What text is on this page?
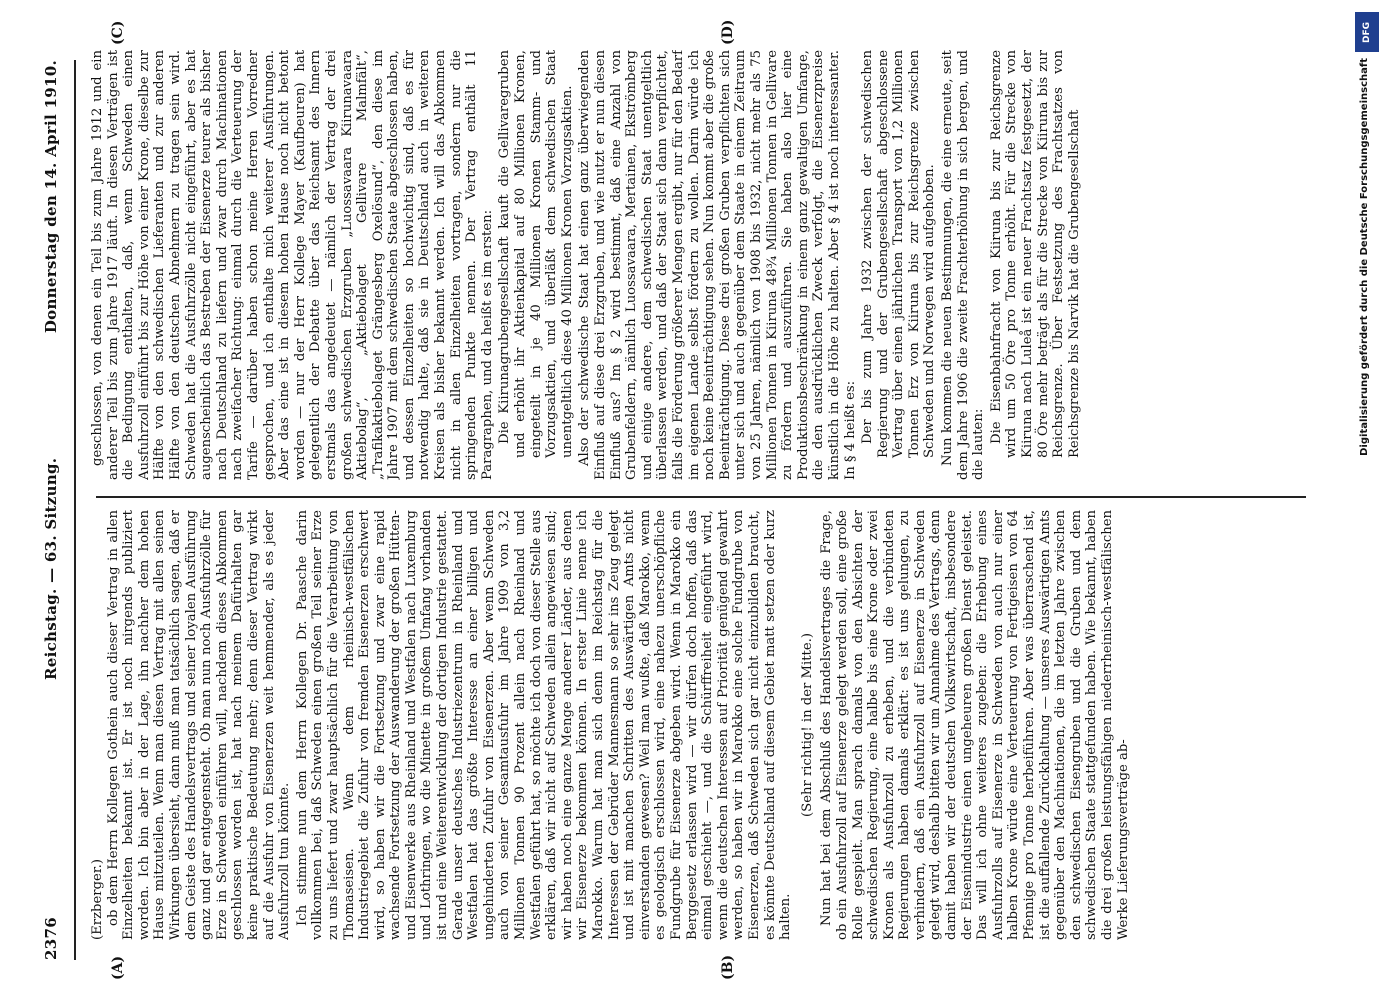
2376
Reichstag. — 63. Sitzung.
Donnerstag den 14. April 1910.
(A)	(B)
(C)	(D)
(Erzberger.) ob dem Herrn Kollegen Gothein auch dieser Vertrag in allen Einzelheiten bekannt ist. Er ist noch nirgends publiziert worden. Ich bin aber in der Lage, ihn nachher dem hohen Hause mitzuteilen. Wenn man diesen Vertrag mit allen seinen Wirkungen übersieht, dann muß man tatsächlich sagen, daß er dem Geiste des Handelsvertrags und seiner loyalen Ausführung ganz und gar entgegensteht. Ob man nun noch Ausfuhrzölle für Erze in Schweden einführen will, nachdem dieses Abkommen geschlossen worden ist, hat nach meinem Dafürhalten gar keine praktische Bedeutung mehr; denn dieser Vertrag wirkt auf die Ausfuhr von Eisenerzen weit hemmender, als es jeder Ausfuhrzoll tun könnte. Ich stimme nun dem Herrn Kollegen Dr. Paasche darin vollkommen bei, daß Schweden einen großen Teil seiner Erze zu uns liefert und zwar hauptsächlich für die Verarbeitung von Thomaseisen. Wenn dem rheinisch-westfälischen Industriegebiet die Zufuhr von fremden Eisenerzen erschwert wird, so haben wir die Fortsetzung und zwar eine rapid wachsende Fortsetzung der Auswanderung der großen Hütten- und Eisenwerke aus Rheinland und Westfalen nach Luxemburg und Lothringen, wo die Minette in großem Umfang vorhanden ist und eine Weiterentwicklung der dortigen Industrie gestattet. Gerade unser deutsches Industriezentrum in Rheinland und Westfalen hat das größte Interesse an einer billigen und ungehinderten Zufuhr von Eisenerzen. Aber wenn Schweden auch von seiner Gesamtausfuhr im Jahre 1909 von 3,2 Millionen Tonnen 90 Prozent allein nach Rheinland und Westfalen geführt hat, so möchte ich doch von dieser Stelle aus erklären, daß wir nicht auf Schweden allein angewiesen sind; wir haben noch eine ganze Menge anderer Länder, aus denen wir Eisenerze bekommen können. In erster Linie nenne ich Marokko. Warum hat man sich denn im Reichstag für die Interessen der Gebrüder Mannesmann so sehr ins Zeug gelegt und ist mit manchen Schritten des Auswärtigen Amts nicht einverstanden gewesen? Weil man wußte, daß Marokko, wenn es geologisch erschlossen wird, eine nahezu unerschöpfliche Fundgrube für Eisenerze abgeben wird. Wenn in Marokko ein Berggesetz erlassen wird — wir dürfen doch hoffen, daß das einmal geschieht —, und die Schürffreiheit eingeführt wird, wenn die deutschen Interessen auf Priorität genügend gewahrt werden, so haben wir in Marokko eine solche Fundgrube von Eisenerzen, daß Schweden sich gar nicht einzubilden braucht, es könnte Deutschland auf diesem Gebiet matt setzen oder kurz halten.

(Sehr richtig! in der Mitte.) Nun hat bei dem Abschluß des Handelsvertrages die Frage, ob ein Ausfuhrzoll auf Eisenerze gelegt werden soll, eine große Rolle gespielt. Man sprach damals von den Absichten der schwedischen Regierung, eine halbe bis eine Krone oder zwei Kronen als Ausfuhrzoll zu erheben, und die verbündeten Regierungen haben damals erklärt: es ist uns gelungen, zu verhindern, daß ein Ausfuhrzoll auf Eisenerze in Schweden gelegt wird, deshalb bitten wir um Annahme des Vertrags, denn damit haben wir der deutschen Volkswirtschaft, insbesondere der Eisenindustrie einen ungeheuren großen Dienst geleistet. Das will ich ohne weiteres zugeben: die Erhebung eines Ausfuhrzolls auf Eisenerze in Schweden von auch nur einer halben Krone würde eine Verteuerung von Fertigeisen von 64 Pfennige pro Tonne herbeiführen. Aber was überraschend ist, ist die auffallende Zurückhaltung — unseres Auswärtigen Amts gegenüber den Machinationen, die im letzten Jahre zwischen den schwedischen Eisengruben und die Gruben und dem schwedischen Staate stattgefunden haben. Wie bekannt, haben die drei großen leistungsfähigen niederrheinisch-westfälischen Werke Lieferungsverträge ab-

geschlossen, von denen ein Teil bis zum Jahre 1912 und ein anderer Teil bis zum Jahre 1917 läuft. In diesen Verträgen ist die Bedingung enthalten, daß, wenn Schweden einen Ausfuhrzoll einführt bis zur Höhe von einer Krone, dieselbe zur Hälfte von den schwedischen Lieferanten und zur anderen Hälfte von den deutschen Abnehmern zu tragen sein wird. Schweden hat die Ausfuhrzölle nicht eingeführt, aber es hat augenscheinlich das Bestreben der Eisenerze teurer als bisher nach Deutschland zu liefern und zwar durch Machinationen nach zweifacher Richtung: einmal durch die Verteuerung der Tarife — darüber haben schon meine Herren Vorredner gesprochen, und ich enthalte mich weiterer Ausführungen. Aber das eine ist in diesem hohen Hause noch nicht betont worden — nur der Herr Kollege Mayer (Kaufbeuren) hat gelegentlich der Debatte über das Reichsamt des Innern erstmals das angedeutet — nämlich der Vertrag der drei großen schwedischen Erzgruben „Luossavaara Kiirunavaara Aktiebolag“, „Aktiebolaget Gellivare Malmfält“, „Trafikaktiebolaget Grängesberg Oxelösund“, den diese im Jahre 1907 mit dem schwedischen Staate abgeschlossen haben, und dessen Einzelheiten so hochwichtig sind, daß es für notwendig halte, daß sie in Deutschland auch in weiteren Kreisen als bisher bekannt werden. Ich will das Abkommen nicht in allen Einzelheiten vortragen, sondern nur die springenden Punkte nennen. Der Vertrag enthält 11 Paragraphen, und da heißt es im ersten: Die Kiirunagrubengesellschaft kauft die Gellivaregruben und erhöht ihr Aktienkapital auf 80 Millionen Kronen, eingeteilt in je 40 Millionen Kronen Stamm- und Vorzugsaktien, und überläßt dem schwedischen Staat unentgeltlich diese 40 Millionen Kronen Vorzugsaktien. Also der schwedische Staat hat einen ganz überwiegenden Einfluß auf diese drei Erzgruben, und wie nutzt er nun diesen Einfluß aus? Im § 2 wird bestimmt, daß eine Anzahl von Grubenfeldern, nämlich Luossavaara, Mertainen, Ekströmberg und einige andere, dem schwedischen Staat unentgeltlich überlassen werden, und daß der Staat sich dann verpflichtet, falls die Förderung größerer Mengen ergibt, nur für den Bedarf im eigenen Lande selbst fördern zu wollen. Darin würde ich noch keine Beeinträchtigung sehen. Nun kommt aber die große Beeinträchtigung. Diese drei großen Gruben verpflichten sich unter sich und auch gegenüber dem Staate in einem Zeitraum von 25 Jahren, nämlich von 1908 bis 1932, nicht mehr als 75 Millionen Tonnen in Kiiruna 48¾ Millionen Tonnen in Gellivare zu fördern und auszuführen. Sie haben also hier eine Produktionsbeschränkung in einem ganz gewaltigen Umfange, die den ausdrücklichen Zweck verfolgt, die Eisenerzpreise künstlich in die Höhe zu halten. Aber § 4 ist noch interessanter. In § 4 heißt es: Der bis zum Jahre 1932 zwischen der schwedischen Regierung und der Grubengesellschaft abgeschlossene Vertrag über einen jährlichen Transport von 1,2 Millionen Tonnen Erz von Kiiruna bis zur Reichsgrenze zwischen Schweden und Norwegen wird aufgehoben. Nun kommen die neuen Bestimmungen, die eine erneute, seit dem Jahre 1906 die zweite Frachterhöhung in sich bergen, und die lauten:

Die Eisenbahnfracht von Kiiruna bis zur Reichsgrenze wird um 50 Öre pro Tonne erhöht. Für die Strecke von Kiiruna nach Luleå ist ein neuer Frachtsatz festgesetzt, der 80 Öre mehr beträgt als für die Strecke von Kiiruna bis zur Reichsgrenze. Über Festsetzung des Frachtsatzes von Reichsgrenze bis Narvik hat die Grubengesellschaft

DFG
Digitalisierung gefördert durch die Deutsche Forschungsgemeinschaft
